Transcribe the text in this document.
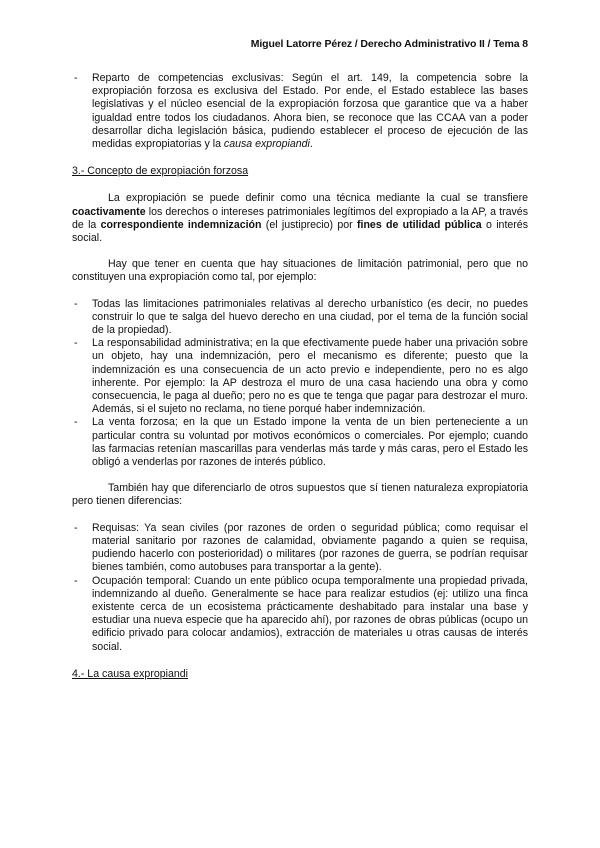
Miguel Latorre Pérez / Derecho Administrativo II / Tema 8
- Reparto de competencias exclusivas: Según el art. 149, la competencia sobre la expropiación forzosa es exclusiva del Estado. Por ende, el Estado establece las bases legislativas y el núcleo esencial de la expropiación forzosa que garantice que va a haber igualdad entre todos los ciudadanos. Ahora bien, se reconoce que las CCAA van a poder desarrollar dicha legislación básica, pudiendo establecer el proceso de ejecución de las medidas expropiatorias y la causa expropiandi.

3.- Concepto de expropiación forzosa

La expropiación se puede definir como una técnica mediante la cual se transfiere coactivamente los derechos o intereses patrimoniales legítimos del expropiado a la AP, a través de la correspondiente indemnización (el justiprecio) por fines de utilidad pública o interés social.

Hay que tener en cuenta que hay situaciones de limitación patrimonial, pero que no constituyen una expropiación como tal, por ejemplo:

- Todas las limitaciones patrimoniales relativas al derecho urbanístico (es decir, no puedes construir lo que te salga del huevo derecho en una ciudad, por el tema de la función social de la propiedad).
- La responsabilidad administrativa; en la que efectivamente puede haber una privación sobre un objeto, hay una indemnización, pero el mecanismo es diferente; puesto que la indemnización es una consecuencia de un acto previo e independiente, pero no es algo inherente. Por ejemplo: la AP destroza el muro de una casa haciendo una obra y como consecuencia, le paga al dueño; pero no es que te tenga que pagar para destrozar el muro. Además, si el sujeto no reclama, no tiene porqué haber indemnización.
- La venta forzosa; en la que un Estado impone la venta de un bien perteneciente a un particular contra su voluntad por motivos económicos o comerciales. Por ejemplo; cuando las farmacias retenían mascarillas para venderlas más tarde y más caras, pero el Estado les obligó a venderlas por razones de interés público.

También hay que diferenciarlo de otros supuestos que sí tienen naturaleza expropiatoria pero tienen diferencias:

- Requisas: Ya sean civiles (por razones de orden o seguridad pública; como requisar el material sanitario por razones de calamidad, obviamente pagando a quien se requisa, pudiendo hacerlo con posterioridad) o militares (por razones de guerra, se podrían requisar bienes también, como autobuses para transportar a la gente).
- Ocupación temporal: Cuando un ente público ocupa temporalmente una propiedad privada, indemnizando al dueño. Generalmente se hace para realizar estudios (ej: utilizo una finca existente cerca de un ecosistema prácticamente deshabitado para instalar una base y estudiar una nueva especie que ha aparecido ahí), por razones de obras públicas (ocupo un edificio privado para colocar andamios), extracción de materiales u otras causas de interés social.

4.- La causa expropiandi
